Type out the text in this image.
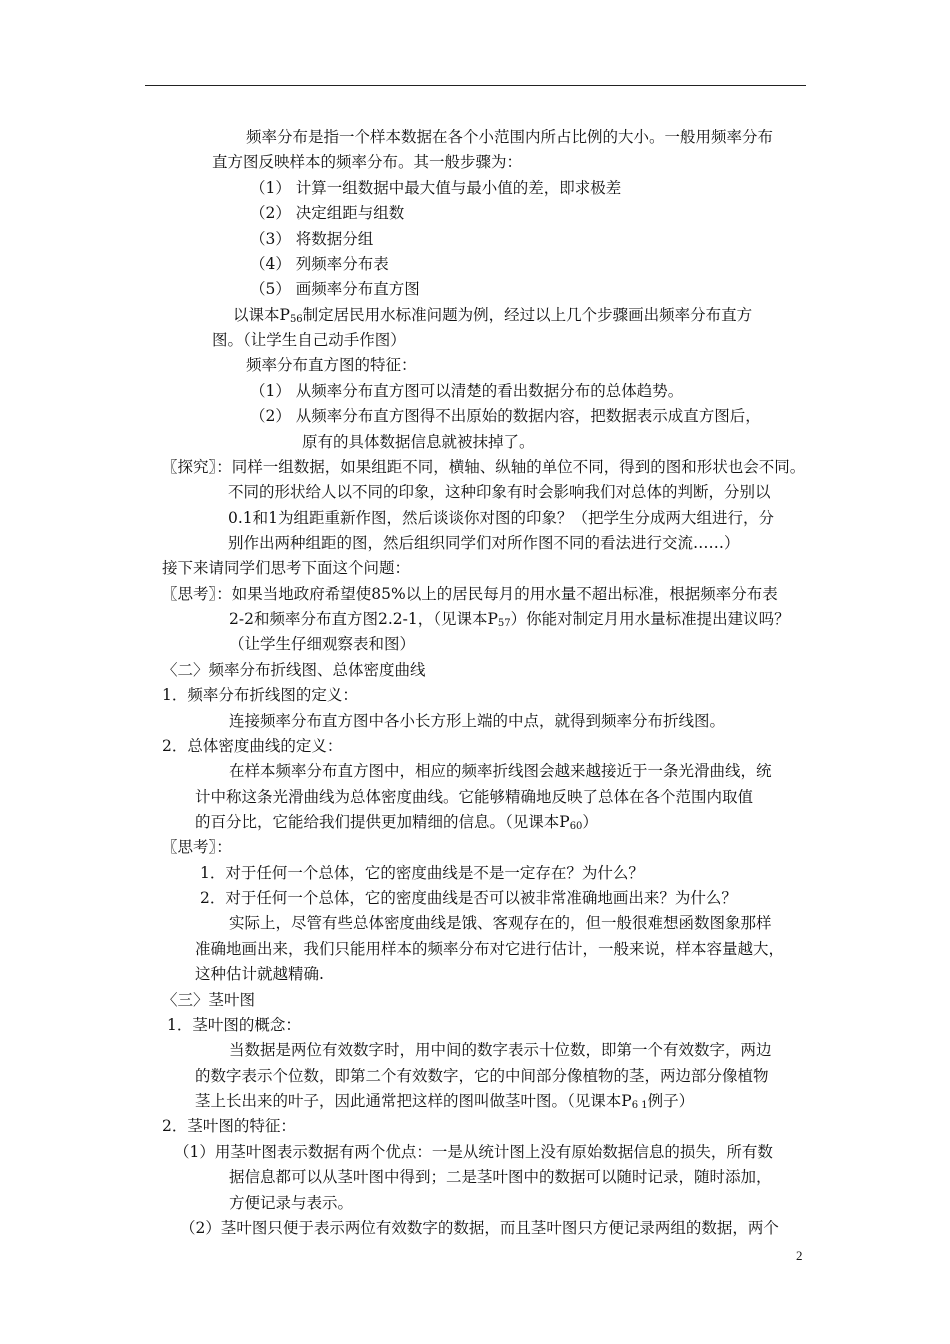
频率分布是指一个样本数据在各个小范围内所占比例的大小。一般用频率分布
直方图反映样本的频率分布。其一般步骤为：
（1） 计算一组数据中最大值与最小值的差，即求极差
（2） 决定组距与组数
（3） 将数据分组
（4） 列频率分布表
（5） 画频率分布直方图
以课本$P_{56}$制定居民用水标准问题为例，经过以上几个步骤画出频率分布直方
图。（让学生自己动手作图）
频率分布直方图的特征：
（1） 从频率分布直方图可以清楚的看出数据分布的总体趋势。
（2） 从频率分布直方图得不出原始的数据内容，把数据表示成直方图后，
原有的具体数据信息就被抹掉了。
〖探究〗：同样一组数据，如果组距不同，横轴、纵轴的单位不同，得到的图和形状也会不同。
不同的形状给人以不同的印象，这种印象有时会影响我们对总体的判断，分别以
0.1和1为组距重新作图，然后谈谈你对图的印象？（把学生分成两大组进行，分
别作出两种组距的图，然后组织同学们对所作图不同的看法进行交流……）
接下来请同学们思考下面这个问题：
〖思考〗：如果当地政府希望使85%以上的居民每月的用水量不超出标准，根据频率分布表
2-2和频率分布直方图2.2-1，（见课本$P_{57}$）你能对制定月用水量标准提出建议吗？
（让学生仔细观察表和图）
〈二〉频率分布折线图、总体密度曲线
1．频率分布折线图的定义：
连接频率分布直方图中各小长方形上端的中点，就得到频率分布折线图。
2．总体密度曲线的定义：
在样本频率分布直方图中，相应的频率折线图会越来越接近于一条光滑曲线，统
计中称这条光滑曲线为总体密度曲线。它能够精确地反映了总体在各个范围内取值
的百分比，它能给我们提供更加精细的信息。（见课本$P_{60}$）
〖思考〗：
1．对于任何一个总体，它的密度曲线是不是一定存在？为什么？
2．对于任何一个总体，它的密度曲线是否可以被非常准确地画出来？为什么？
实际上，尽管有些总体密度曲线是饿、客观存在的，但一般很难想函数图象那样
准确地画出来，我们只能用样本的频率分布对它进行估计，一般来说，样本容量越大，
这种估计就越精确.
〈三〉茎叶图
1．茎叶图的概念：
当数据是两位有效数字时，用中间的数字表示十位数，即第一个有效数字，两边
的数字表示个位数，即第二个有效数字，它的中间部分像植物的茎，两边部分像植物
茎上长出来的叶子，因此通常把这样的图叫做茎叶图。（见课本$P_{6 1}$例子）
2．茎叶图的特征：
（1）用茎叶图表示数据有两个优点：一是从统计图上没有原始数据信息的损失，所有数
据信息都可以从茎叶图中得到；二是茎叶图中的数据可以随时记录，随时添加，
方便记录与表示。
（2）茎叶图只便于表示两位有效数字的数据，而且茎叶图只方便记录两组的数据，两个
2
